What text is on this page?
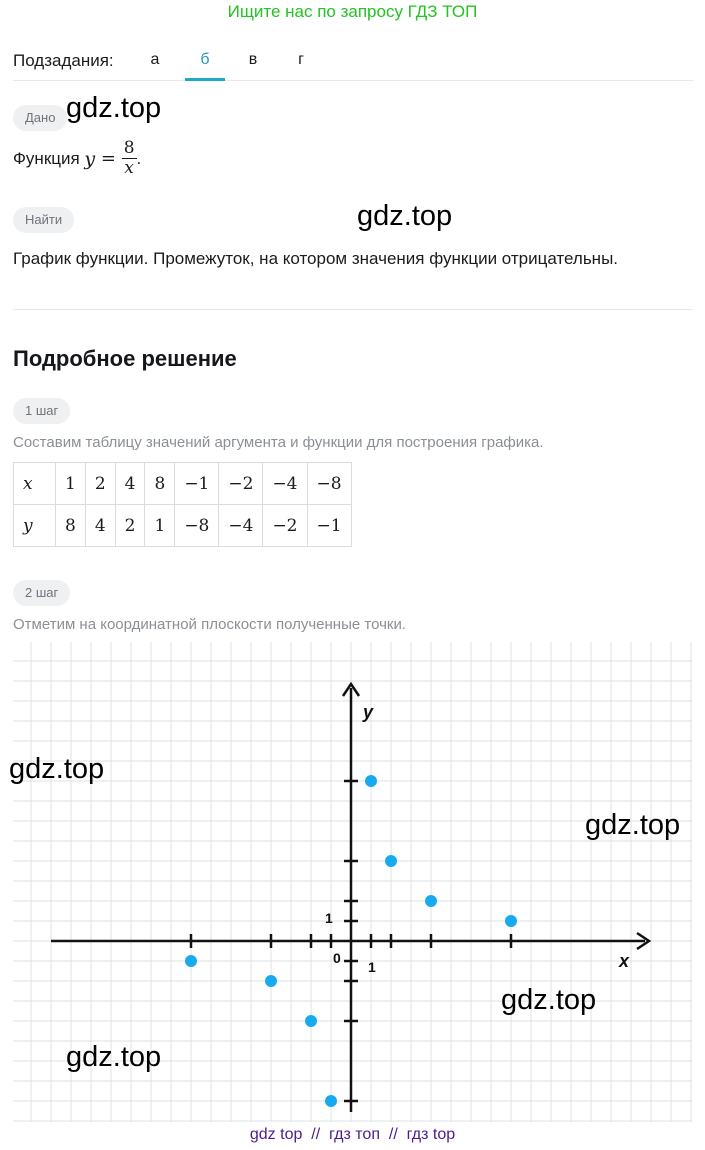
Ищите нас по запросу ГДЗ ТОП
Подзадания:	а	б	в	г
Дано
Функция $y = \frac{8}{x}$ .
Найти
График функции. Промежуток, на котором значения функции отрицательны.
Подробное решение
1 шаг
Составим таблицу значений аргумента и функции для построения графика.
x	1	2	4	8	−1	−2	−4	−8
y	8	4	2	1	−8	−4	−2	−1
2 шаг
Отметим на координатной плоскости полученные точки.
x
y
0
1
1
gdz.top
gdz.top
gdz.top
gdz.top
gdz.top
gdz.top
gdz top  //  гдз топ  //  гдз top
